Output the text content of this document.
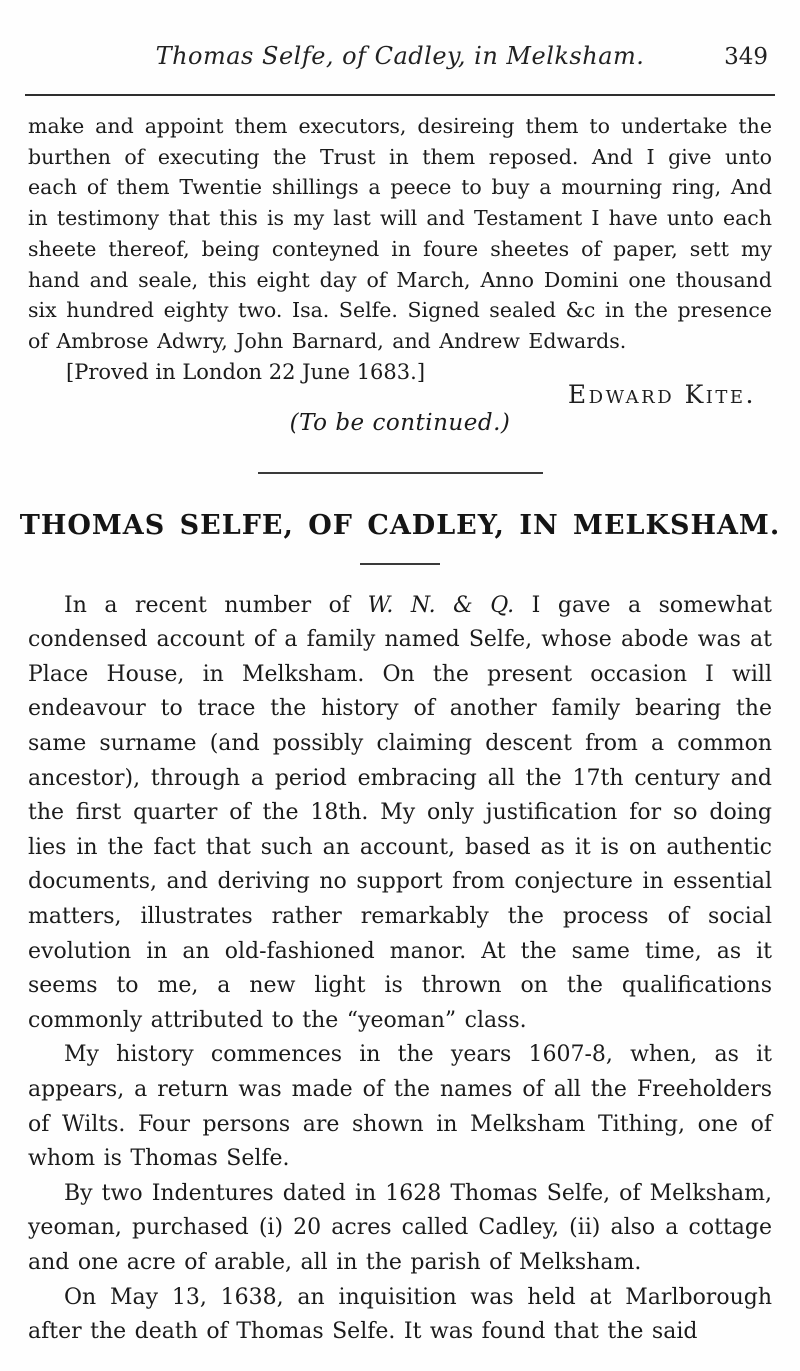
Thomas Selfe, of Cadley, in Melksham.	349

make and appoint them executors, desireing them to undertake the burthen of executing the Trust in them reposed. And I give unto each of them Twentie shillings a peece to buy a mourning ring, And in testimony that this is my last will and Testament I have unto each sheete thereof, being conteyned in foure sheetes of paper, sett my hand and seale, this eight day of March, Anno Domini one thousand six hundred eighty two. Isa. Selfe. Signed sealed &c in the presence of Ambrose Adwry, John Barnard, and Andrew Edwards.

[Proved in London 22 June 1683.]

Edward Kite.

(To be continued.)

THOMAS SELFE, OF CADLEY, IN MELKSHAM.

In a recent number of W. N. & Q. I gave a somewhat condensed account of a family named Selfe, whose abode was at Place House, in Melksham. On the present occasion I will endeavour to trace the history of another family bearing the same surname (and possibly claiming descent from a common ancestor), through a period embracing all the 17th century and the first quarter of the 18th. My only justification for so doing lies in the fact that such an account, based as it is on authentic documents, and deriving no support from conjecture in essential matters, illustrates rather remarkably the process of social evolution in an old-fashioned manor. At the same time, as it seems to me, a new light is thrown on the qualifications commonly attributed to the “yeoman” class.

My history commences in the years 1607-8, when, as it appears, a return was made of the names of all the Freeholders of Wilts. Four persons are shown in Melksham Tithing, one of whom is Thomas Selfe.

By two Indentures dated in 1628 Thomas Selfe, of Melksham, yeoman, purchased (i) 20 acres called Cadley, (ii) also a cottage and one acre of arable, all in the parish of Melksham.

On May 13, 1638, an inquisition was held at Marlborough after the death of Thomas Selfe. It was found that the said
